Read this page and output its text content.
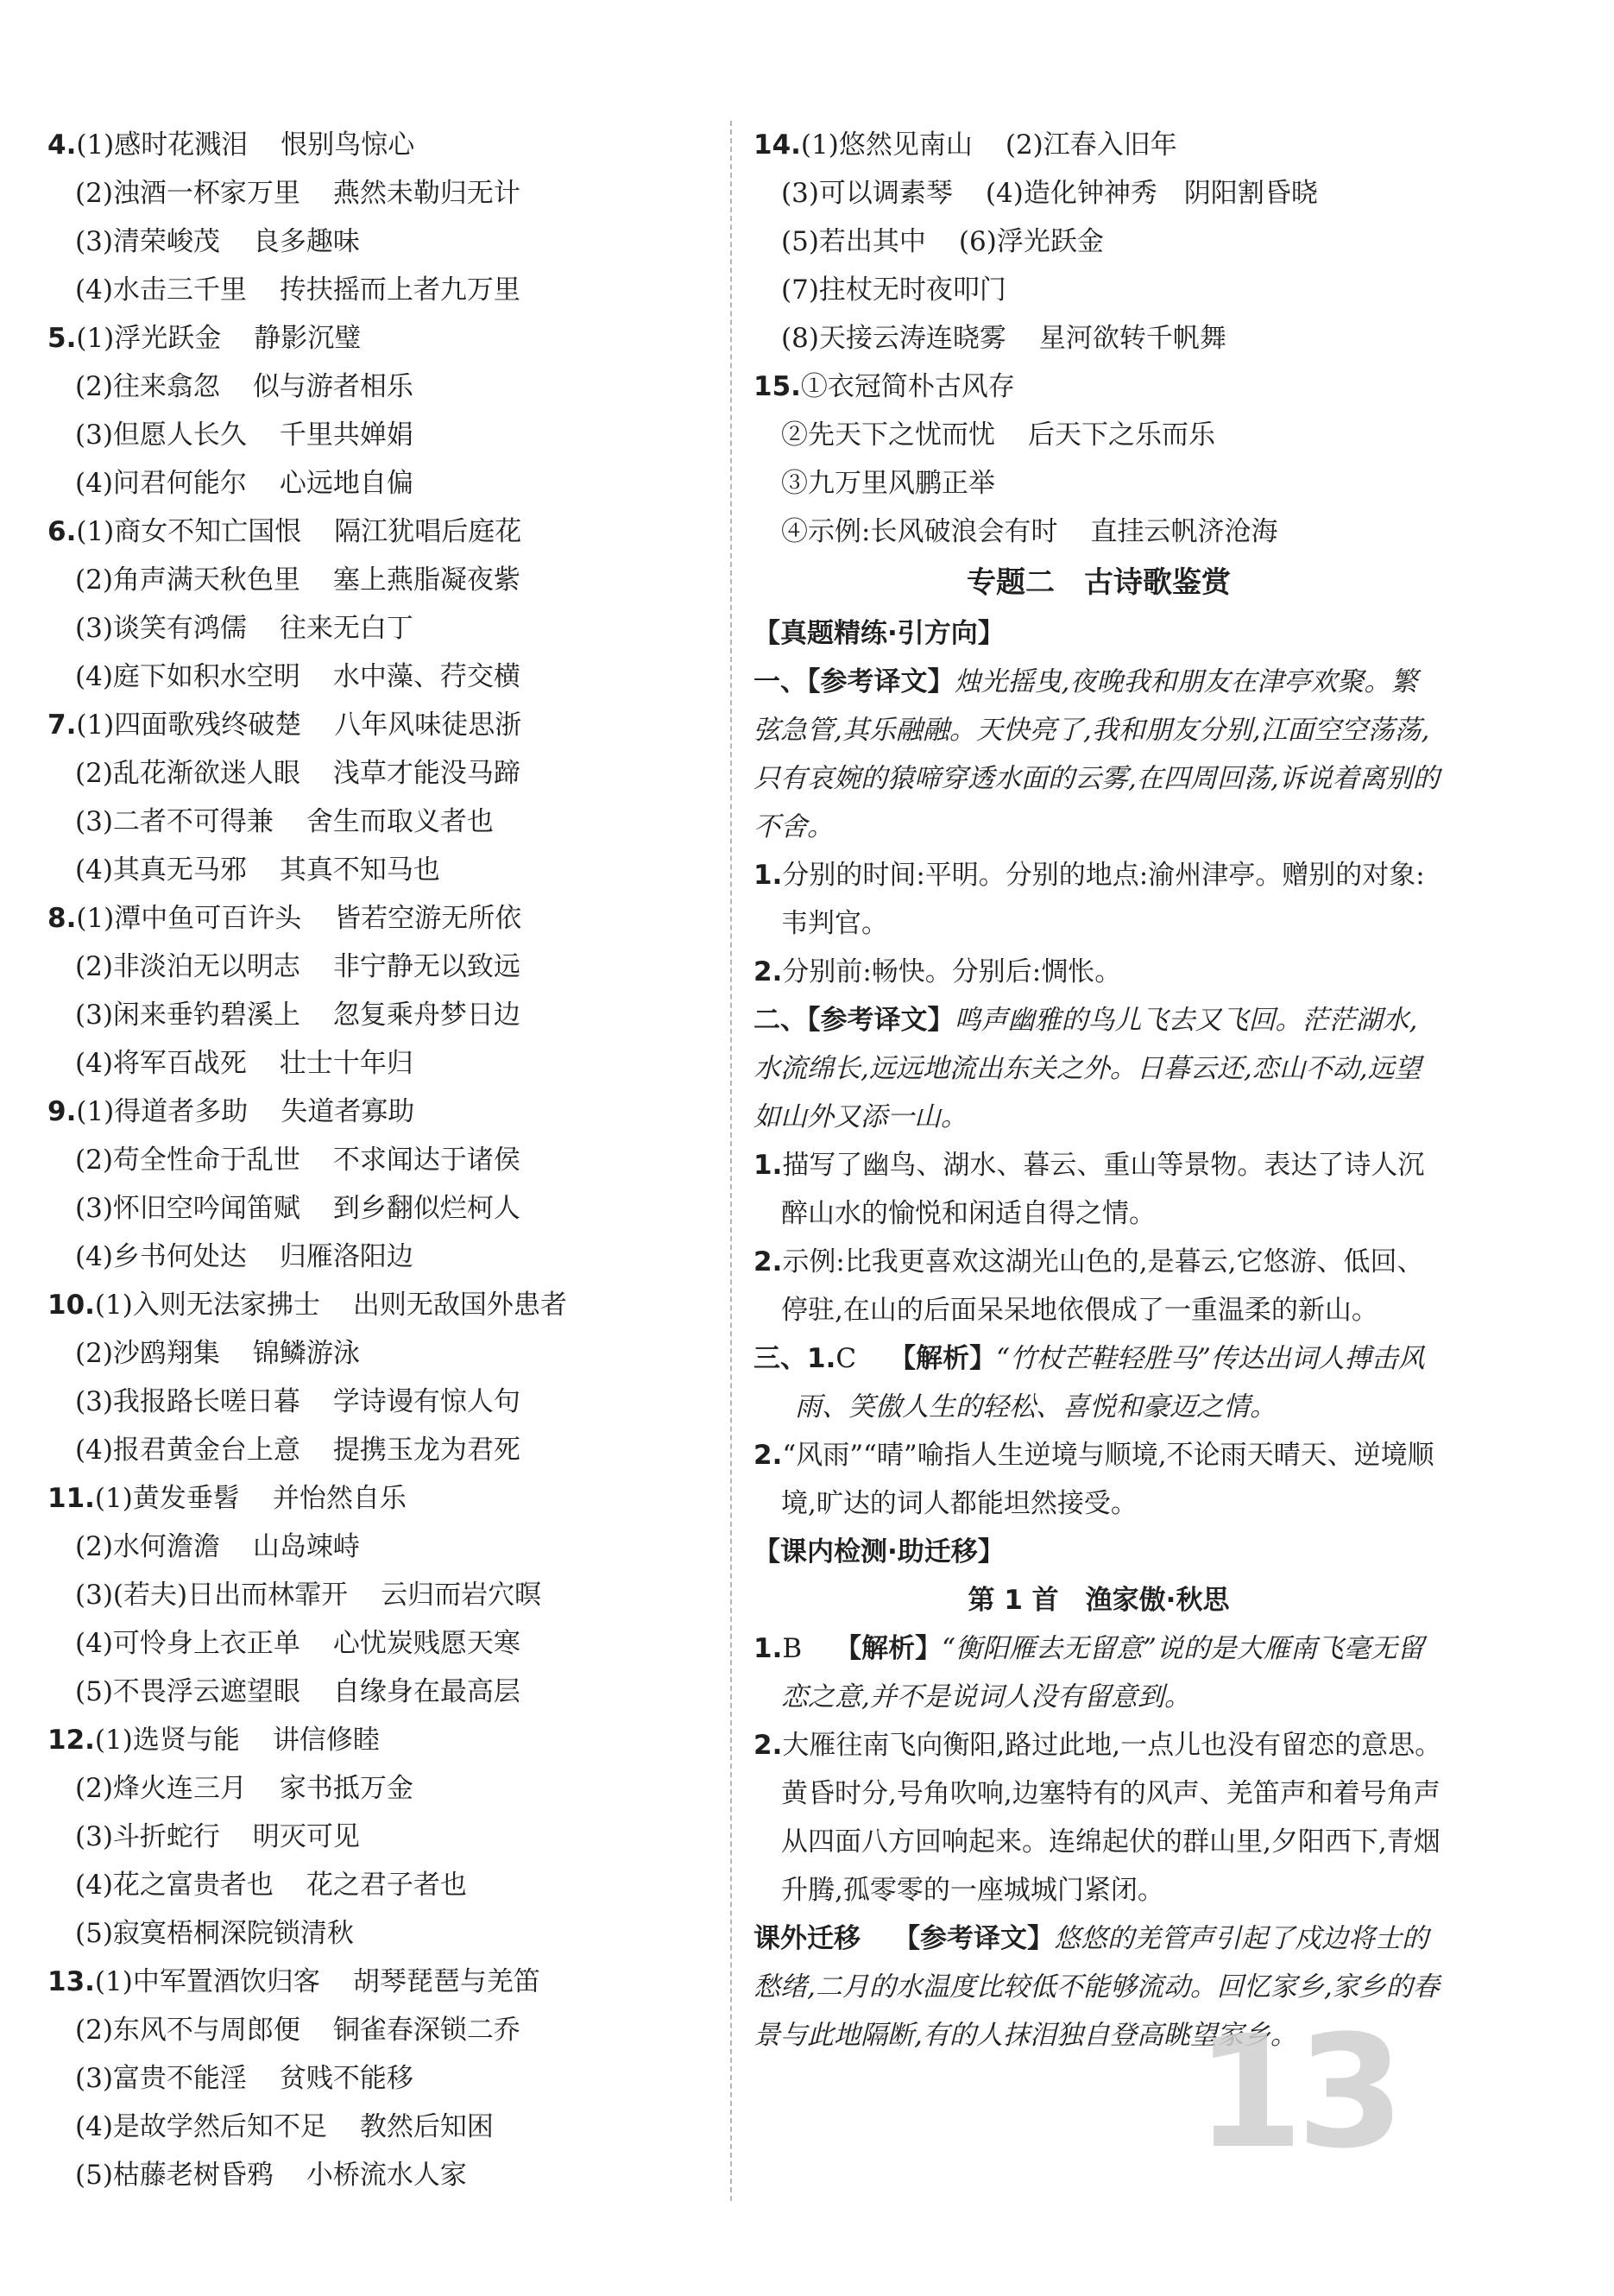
4.(1)感时花溅泪 恨别鸟惊心
(2)浊酒一杯家万里 燕然未勒归无计
(3)清荣峻茂 良多趣味
(4)水击三千里 抟扶摇而上者九万里
5.(1)浮光跃金 静影沉璧
(2)往来翕忽 似与游者相乐
(3)但愿人长久 千里共婵娟
(4)问君何能尔 心远地自偏
6.(1)商女不知亡国恨 隔江犹唱后庭花
(2)角声满天秋色里 塞上燕脂凝夜紫
(3)谈笑有鸿儒 往来无白丁
(4)庭下如积水空明 水中藻、荇交横
7.(1)四面歌残终破楚 八年风味徒思浙
(2)乱花渐欲迷人眼 浅草才能没马蹄
(3)二者不可得兼 舍生而取义者也
(4)其真无马邪 其真不知马也
8.(1)潭中鱼可百许头 皆若空游无所依
(2)非淡泊无以明志 非宁静无以致远
(3)闲来垂钓碧溪上 忽复乘舟梦日边
(4)将军百战死 壮士十年归
9.(1)得道者多助 失道者寡助
(2)苟全性命于乱世 不求闻达于诸侯
(3)怀旧空吟闻笛赋 到乡翻似烂柯人
(4)乡书何处达 归雁洛阳边
10.(1)入则无法家拂士 出则无敌国外患者
(2)沙鸥翔集 锦鳞游泳
(3)我报路长嗟日暮 学诗谩有惊人句
(4)报君黄金台上意 提携玉龙为君死
11.(1)黄发垂髫 并怡然自乐
(2)水何澹澹 山岛竦峙
(3)(若夫)日出而林霏开 云归而岩穴暝
(4)可怜身上衣正单 心忧炭贱愿天寒
(5)不畏浮云遮望眼 自缘身在最高层
12.(1)选贤与能 讲信修睦
(2)烽火连三月 家书抵万金
(3)斗折蛇行 明灭可见
(4)花之富贵者也 花之君子者也
(5)寂寞梧桐深院锁清秋
13.(1)中军置酒饮归客 胡琴琵琶与羌笛
(2)东风不与周郎便 铜雀春深锁二乔
(3)富贵不能淫 贫贱不能移
(4)是故学然后知不足 教然后知困
(5)枯藤老树昏鸦 小桥流水人家
14.(1)悠然见南山 (2)江春入旧年
(3)可以调素琴 (4)造化钟神秀　阴阳割昏晓
(5)若出其中 (6)浮光跃金
(7)拄杖无时夜叩门
(8)天接云涛连晓雾 星河欲转千帆舞
15.①衣冠简朴古风存
②先天下之忧而忧 后天下之乐而乐
③九万里风鹏正举
④示例:长风破浪会有时 直挂云帆济沧海
专题二　古诗歌鉴赏
【真题精练·引方向】
一、【参考译文】烛光摇曳,夜晚我和朋友在津亭欢聚。繁弦急管,其乐融融。天快亮了,我和朋友分别,江面空空荡荡,只有哀婉的猿啼穿透水面的云雾,在四周回荡,诉说着离别的不舍。
1.分别的时间:平明。分别的地点:渝州津亭。赠别的对象:韦判官。
2.分别前:畅快。分别后:惆怅。
二、【参考译文】鸣声幽雅的鸟儿飞去又飞回。茫茫湖水,水流绵长,远远地流出东关之外。日暮云还,恋山不动,远望如山外又添一山。
1.描写了幽鸟、湖水、暮云、重山等景物。表达了诗人沉醉山水的愉悦和闲适自得之情。
2.示例:比我更喜欢这湖光山色的,是暮云,它悠游、低回、停驻,在山的后面呆呆地依偎成了一重温柔的新山。
三、1.C 【解析】“竹杖芒鞋轻胜马”传达出词人搏击风雨、笑傲人生的轻松、喜悦和豪迈之情。
2.“风雨”“晴”喻指人生逆境与顺境,不论雨天晴天、逆境顺境,旷达的词人都能坦然接受。
【课内检测·助迁移】
第 1 首　渔家傲·秋思
1.B 【解析】“衡阳雁去无留意”说的是大雁南飞毫无留恋之意,并不是说词人没有留意到。
2.大雁往南飞向衡阳,路过此地,一点儿也没有留恋的意思。黄昏时分,号角吹响,边塞特有的风声、羌笛声和着号角声从四面八方回响起来。连绵起伏的群山里,夕阳西下,青烟升腾,孤零零的一座城城门紧闭。
课外迁移 【参考译文】悠悠的羌管声引起了戍边将士的愁绪,二月的水温度比较低不能够流动。回忆家乡,家乡的春景与此地隔断,有的人抹泪独自登高眺望家乡。
13
